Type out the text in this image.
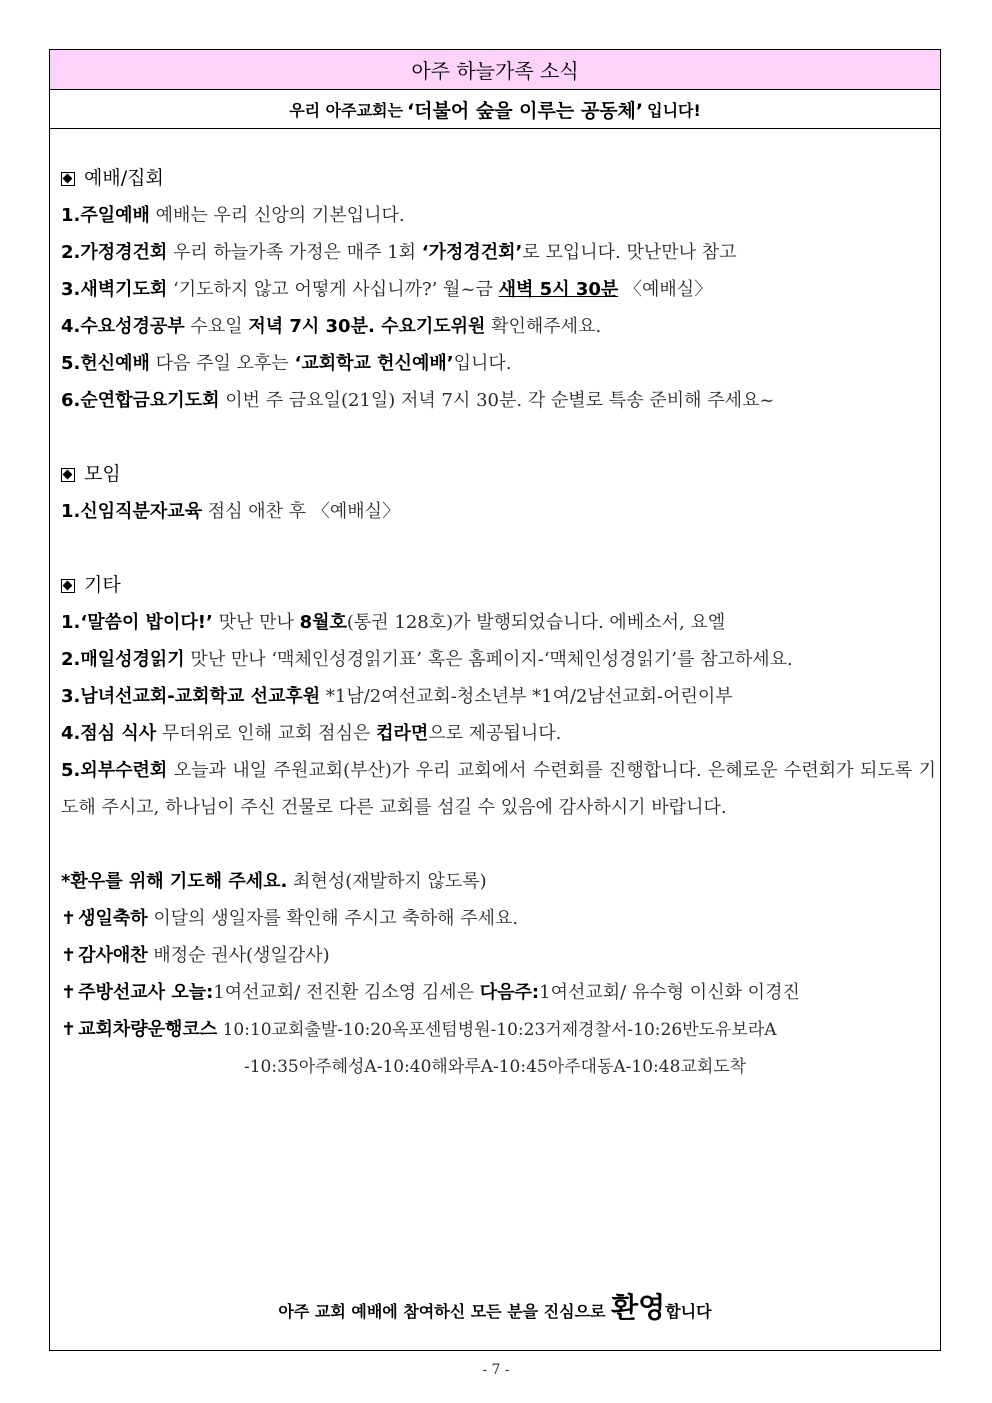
아주 하늘가족 소식
우리 아주교회는 ‘더불어 숲을 이루는 공동체’ 입니다!
예배/집회
1.주일예배 예배는 우리 신앙의 기본입니다.
2.가정경건회 우리 하늘가족 가정은 매주 1회 ‘가정경건회’로 모입니다. 맛난만나 참고
3.새벽기도회 ‘기도하지 않고 어떻게 사십니까?’ 월~금 새벽 5시 30분 〈예배실〉
4.수요성경공부 수요일 저녁 7시 30분. 수요기도위원 확인해주세요.
5.헌신예배 다음 주일 오후는 ‘교회학교 헌신예배’입니다.
6.순연합금요기도회 이번 주 금요일(21일) 저녁 7시 30분. 각 순별로 특송 준비해 주세요~
모임
1.신임직분자교육 점심 애찬 후 〈예배실〉
기타
1.‘말씀이 밥이다!’ 맛난 만나 8월호(통권 128호)가 발행되었습니다. 에베소서, 요엘
2.매일성경읽기 맛난 만나 ‘맥체인성경읽기표’ 혹은 홈페이지-‘맥체인성경읽기’를 참고하세요.
3.남녀선교회-교회학교 선교후원 *1남/2여선교회-청소년부 *1여/2남선교회-어린이부
4.점심 식사 무더위로 인해 교회 점심은 컵라면으로 제공됩니다.
5.외부수련회 오늘과 내일 주원교회(부산)가 우리 교회에서 수련회를 진행합니다. 은혜로운 수련회가 되도록 기도해 주시고, 하나님이 주신 건물로 다른 교회를 섬길 수 있음에 감사하시기 바랍니다.
*환우를 위해 기도해 주세요. 최현성(재발하지 않도록)
✝ 생일축하 이달의 생일자를 확인해 주시고 축하해 주세요.
✝ 감사애찬 배정순 권사(생일감사)
✝ 주방선교사 오늘:1여선교회/ 전진환 김소영 김세은 다음주:1여선교회/ 유수형 이신화 이경진
✝ 교회차량운행코스 10:10교회출발-10:20옥포센텀병원-10:23거제경찰서-10:26반도유보라A
-10:35아주혜성A-10:40해와루A-10:45아주대동A-10:48교회도착
아주 교회 예배에 참여하신 모든 분을 진심으로 환영합니다
- 7 -
